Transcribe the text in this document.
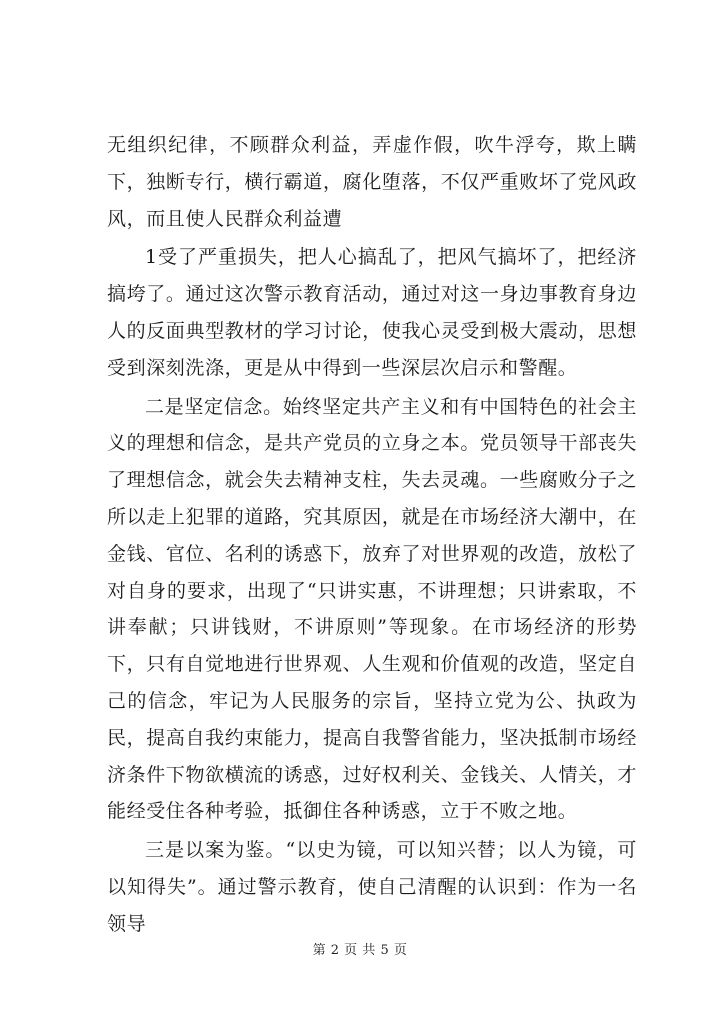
无组织纪律，不顾群众利益，弄虚作假，吹牛浮夸，欺上瞒下，独断专行，横行霸道，腐化堕落，不仅严重败坏了党风政风，而且使人民群众利益遭

1受了严重损失，把人心搞乱了，把风气搞坏了，把经济搞垮了。通过这次警示教育活动，通过对这一身边事教育身边人的反面典型教材的学习讨论，使我心灵受到极大震动，思想受到深刻洗涤，更是从中得到一些深层次启示和警醒。

二是坚定信念。始终坚定共产主义和有中国特色的社会主义的理想和信念，是共产党员的立身之本。党员领导干部丧失了理想信念，就会失去精神支柱，失去灵魂。一些腐败分子之所以走上犯罪的道路，究其原因，就是在市场经济大潮中，在金钱、官位、名利的诱惑下，放弃了对世界观的改造，放松了对自身的要求，出现了“只讲实惠，不讲理想；只讲索取，不讲奉献；只讲钱财，不讲原则”等现象。在市场经济的形势下，只有自觉地进行世界观、人生观和价值观的改造，坚定自己的信念，牢记为人民服务的宗旨，坚持立党为公、执政为民，提高自我约束能力，提高自我警省能力，坚决抵制市场经济条件下物欲横流的诱惑，过好权利关、金钱关、人情关，才能经受住各种考验，抵御住各种诱惑，立于不败之地。

三是以案为鉴。“以史为镜，可以知兴替；以人为镜，可以知得失”。通过警示教育，使自己清醒的认识到：作为一名领导

第 2 页 共 5 页
